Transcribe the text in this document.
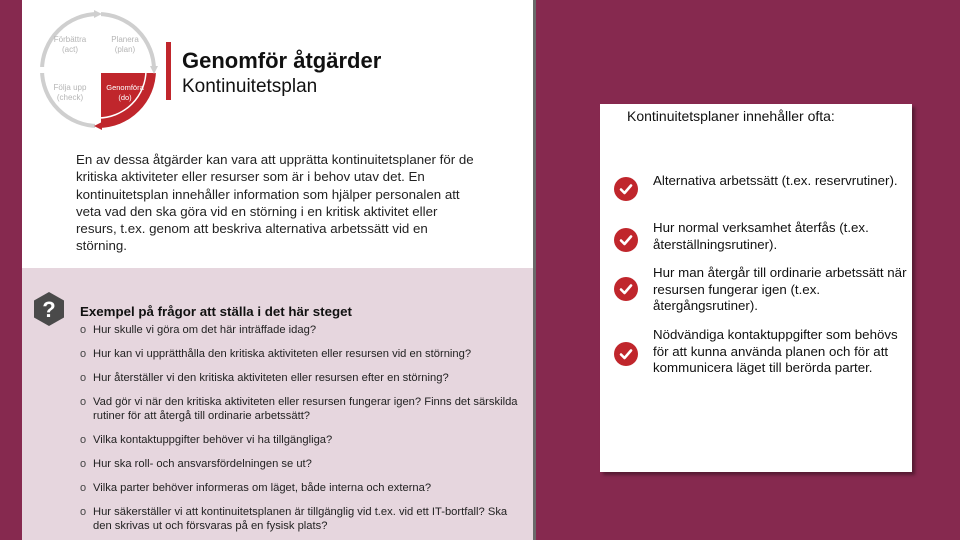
Förbättra (act)
Planera (plan)
Följa upp (check)
Genomföra (do)
Genomför åtgärder
Kontinuitetsplan
En av dessa åtgärder kan vara att upprätta kontinuitetsplaner för de kritiska aktiviteter eller resurser som är i behov utav det. En kontinuitetsplan innehåller information som hjälper personalen att veta vad den ska göra vid en störning i en kritisk aktivitet eller resurs, t.ex. genom att beskriva alternativa arbetssätt vid en störning.
? Exempel på frågor att ställa i det här steget
o Hur skulle vi göra om det här inträffade idag?
o Hur kan vi upprätthålla den kritiska aktiviteten eller resursen vid en störning?
o Hur återställer vi den kritiska aktiviteten eller resursen efter en störning?
o Vad gör vi när den kritiska aktiviteten eller resursen fungerar igen? Finns det särskilda rutiner för att återgå till ordinarie arbetssätt?
o Vilka kontaktuppgifter behöver vi ha tillgängliga?
o Hur ska roll- och ansvarsfördelningen se ut?
o Vilka parter behöver informeras om läget, både interna och externa?
o Hur säkerställer vi att kontinuitetsplanen är tillgänglig vid t.ex. vid ett IT-bortfall? Ska den skrivas ut och försvaras på en fysisk plats?
Kontinuitetsplaner innehåller ofta:
Alternativa arbetssätt (t.ex. reservrutiner).
Hur normal verksamhet återfås (t.ex. återställningsrutiner).
Hur man återgår till ordinarie arbetssätt när resursen fungerar igen (t.ex. återgångsrutiner).
Nödvändiga kontaktuppgifter som behövs för att kunna använda planen och för att kommunicera läget till berörda parter.
